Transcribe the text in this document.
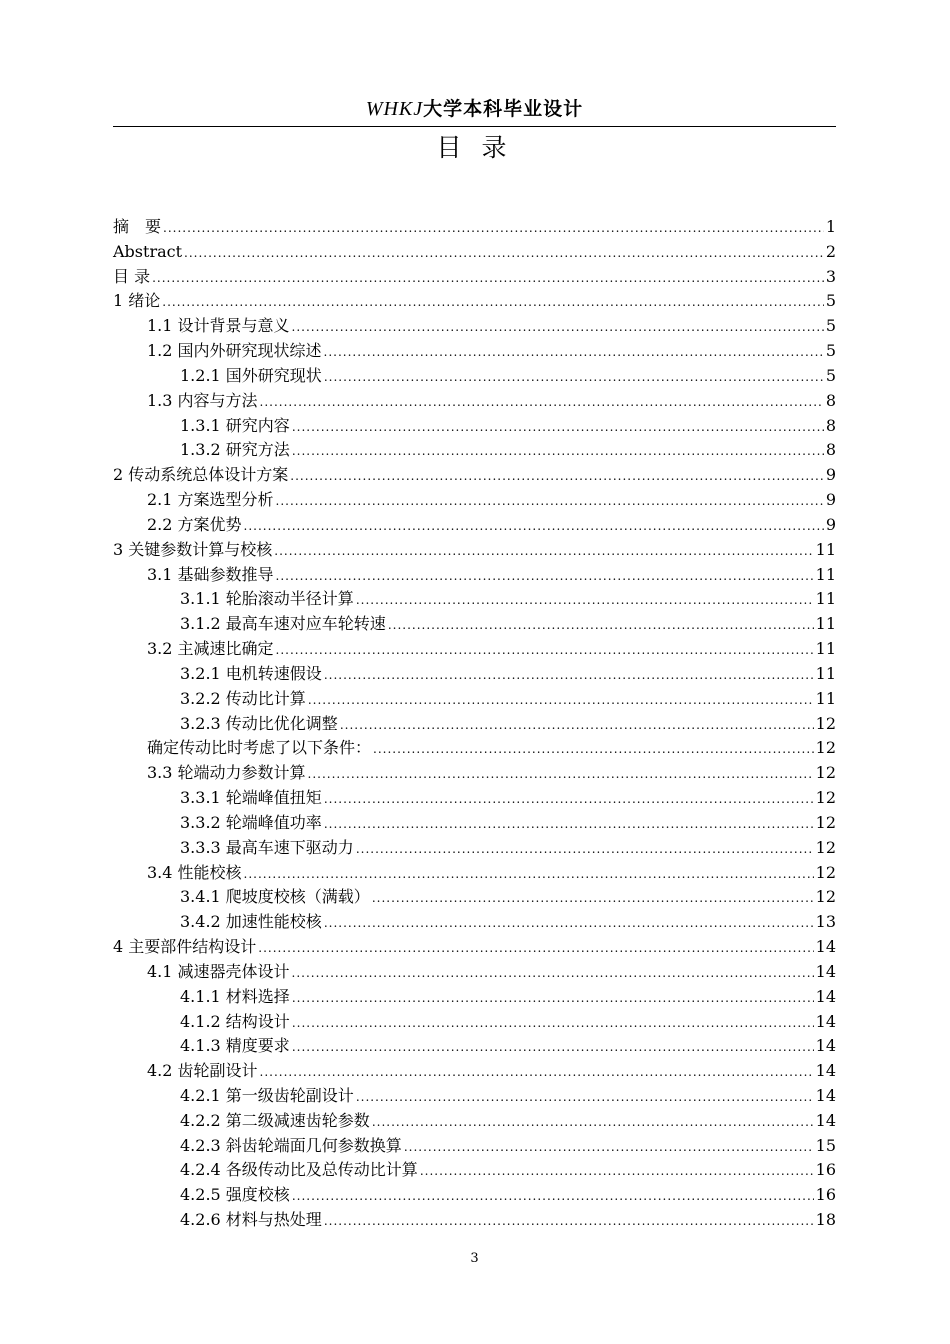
WHKJ大学本科毕业设计
目 录
摘　要 .....	1
Abstract .....	2
目 录 .....	3
1 绪论 .....	5
1.1 设计背景与意义 .....	5
1.2 国内外研究现状综述 .....	5
1.2.1 国外研究现状 .....	5
1.3 内容与方法 .....	8
1.3.1 研究内容 .....	8
1.3.2 研究方法 .....	8
2 传动系统总体设计方案 .....	9
2.1 方案选型分析 .....	9
2.2 方案优势 .....	9
3 关键参数计算与校核 .....	11
3.1 基础参数推导 .....	11
3.1.1 轮胎滚动半径计算 .....	11
3.1.2 最高车速对应车轮转速 .....	11
3.2 主减速比确定 .....	11
3.2.1 电机转速假设 .....	11
3.2.2 传动比计算 .....	11
3.2.3 传动比优化调整 .....	12
确定传动比时考虑了以下条件： .....	12
3.3 轮端动力参数计算 .....	12
3.3.1 轮端峰值扭矩 .....	12
3.3.2 轮端峰值功率 .....	12
3.3.3 最高车速下驱动力 .....	12
3.4 性能校核 .....	12
3.4.1 爬坡度校核（满载） .....	12
3.4.2 加速性能校核 .....	13
4 主要部件结构设计 .....	14
4.1 减速器壳体设计 .....	14
4.1.1 材料选择 .....	14
4.1.2 结构设计 .....	14
4.1.3 精度要求 .....	14
4.2 齿轮副设计 .....	14
4.2.1 第一级齿轮副设计 .....	14
4.2.2 第二级减速齿轮参数 .....	14
4.2.3 斜齿轮端面几何参数换算 .....	15
4.2.4 各级传动比及总传动比计算 .....	16
4.2.5 强度校核 .....	16
4.2.6 材料与热处理 .....	18
3
